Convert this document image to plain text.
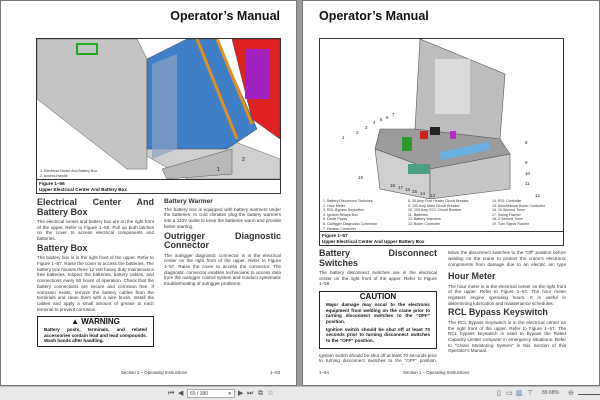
Operator’s Manual
1
2
1. Electrical Center And Battery Box
2. Access Handle
Figure 1−56
Upper Electrical Center And Battery Box
Electrical Center And Battery Box

The electrical center and battery box are on the right front of the upper. Refer to Figure 1−56. Pull up both latches on the cover to access electrical components and batteries.

Battery Box

The battery box is in the right front of the upper. Refer to Figure 1−57. Raise the cover to access the batteries. The battery box houses three 12 volt heavy duty maintenance free batteries. Inspect the batteries, battery cables, and connections every 50 hours of operation. Check that the battery connections are secure and corrosion free. If corrosion exists, remove the battery cables from the terminals and clean them with a wire brush. Install the cables and apply a small amount of grease to each terminal to prevent corrosion.

▲ WARNING
Battery posts, terminals, and related accessories contain lead and lead compounds. Wash hands after handling.
Battery Warmer

The battery box is equipped with battery warmers under the batteries. In cold climates plug the battery warmers into a 110V outlet to keep the batteries warm and provide better starting.

Outrigger Diagnostic Connector

The outrigger diagnostic connector is in the electrical center on the right front of the upper. Refer to Figure 1−57. Raise the cover to access the connector. The diagnostic connector enables technicians to access data from the outrigger control system and conduct systematic troubleshooting of outrigger problems.

Section 1 − Operating Instructions	1−63
Operator’s Manual
1
2
3
4
5 6
7
8
9
10
11
12
13
14
15
16
17
18
19
1. Battery Disconnect Switches
2. Hour Meter
3. RCL Bypass Keyswitch
4. Ignition Relays Box
5. Diode Packs
6. Outrigger Diagnostic Connector
7. Horizon Controller
8. 50 Amp Fuel Heater Circuit Breaker
9. 100 Amp Main Circuit Breaker
10. 100 Amp SCC Circuit Breaker
11. Batteries
12. Battery Warmers
13. Boom Controller
14. RCL Controller
15. Auto/Manual Boom Controller
16. 10 Second Timer
17. Swing Flasher
18. 3 Second Timer
19. Turn Signal Flasher
Figure 1−57
Upper Electrical Center And Upper Battery Box
Battery Disconnect Switches

The battery disconnect switches are in the electrical center on the right front of the upper. Refer to Figure 1−56.

CAUTION

Major damage may occur to the electronic equipment from welding on the crane prior to turning disconnect switches to the “OFF” position.

Ignition switch should be shut off at least 70 seconds prior to turning disconnect switches to the “OFF” position.

Ignition switch should be shut off at least 70 seconds prior to turning disconnect switches to the “OFF” position.

Move the disconnect switches to the “Off” position before welding on the crane to protect the crane’s electronic components from damage due to an electric arc type

Hour Meter

The hour meter is in the electrical center on the right front of the upper. Refer to Figure 1−57. The hour meter registers engine operating hours. It is useful in determining lubrication and maintenance schedules.

RCL Bypass Keyswitch

The RCL Bypass Keyswitch is in the electrical center on the right front of the upper. Refer to Figure 1−57. The RCL bypass keyswitch is used to bypass the Rated Capacity Limiter computer in emergency situations. Refer to “Crane Monitoring System” in this Section of this Operator’s Manual.

1−64	Section 1 − Operating Instructions
⏮ ◀	65 / 390	▾ ▶ ⏭ ⧉ ⧉	▯ ▭ ▥ ⊤ 89.68% ⊖
